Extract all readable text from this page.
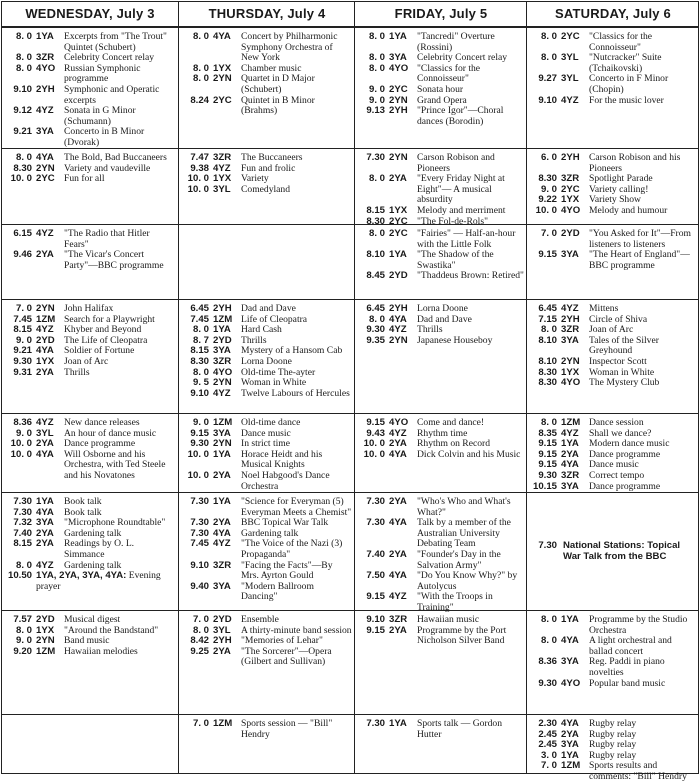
WEDNESDAY, July 3
8. 0 1YA	Excerpts from "The Trout" Quintet (Schubert)
8. 0 3ZR	Celebrity Concert relay
8. 0 4YO Russian Symphonic programme
9.10 2YH Symphonic and Operatic excerpts
9.12 4YZ	Sonata in G Minor (Schumann)
9.21 3YA	Concerto in B Minor (Dvorak)
8. 0 4YA	The Bold, Bad Buccaneers
8.30 2YN Variety and vaudeville
10. 0 2YC Fun for all
6.15 4YZ	"The Radio that Hitler Fears"
9.46 2YA	"The Vicar's Concert Party"—BBC programme
7. 0 2YN John Halifax
7.45 1ZM Search for a Playwright
8.15 4YZ	Khyber and Beyond
9. 0 2YD The Life of Cleopatra
9.21 4YA	Soldier of Fortune
9.30 1YX	Joan of Arc
9.31 2YA	Thrills
8.36 4YZ	New dance releases
9. 0 3YL	An hour of dance music
10. 0 2YA	Dance programme
10. 0 4YA	Will Osborne and his Orchestra, with Ted Steele and his Novatones
7.30 1YA	Book talk
7.30 4YA	Book talk
7.32 3YA	"Microphone Roundtable"
7.40 2YA	Gardening talk
8.15 2YA	Readings by O. L. Simmance
8. 0 4YZ	Gardening talk
10.50 1YA, 2YA, 3YA, 4YA: Evening prayer
7.57 2YD Musical digest
8. 0 1YX	"Around the Bandstand"
9. 0 2YN Band music
9.20 1ZM Hawaiian melodies
THURSDAY, July 4
8. 0 4YA	Concert by Philharmonic Symphony Orchestra of New York
8. 0 1YX	Chamber music
8. 0 2YN Quartet in D Major (Schubert)
8.24 2YC Quintet in B Minor (Brahms)
7.47 3ZR	The Buccaneers
9.38 4YZ	Fun and frolic
10. 0 1YX	Variety
10. 0 3YL	Comedyland
6.45 2YH Dad and Dave
7.45 1ZM Life of Cleopatra
8. 0 1YA	Hard Cash
8. 7 2YD Thrills
8.15 3YA	Mystery of a Hansom Cab
8.30 3ZR	Lorna Doone
8. 0 4YO Old-time The-ayter
9. 5 2YN Woman in White
9.10 4YZ	Twelve Labours of Hercules
9. 0 1ZM Old-time dance
9.15 3YA	Dance music
9.30 2YN In strict time
10. 0 1YA	Horace Heidt and his Musical Knights
10. 0 2YA	Noel Habgood's Dance Orchestra
7.30 1YA	"Science for Everyman (5) Everyman Meets a Chemist"
7.30 2YA	BBC Topical War Talk
7.30 4YA	Gardening talk
7.45 4YZ	"The Voice of the Nazi (3) Propaganda"
9.10 3ZR	"Facing the Facts"—By Mrs. Ayrton Gould
9.40 3YA	"Modern Ballroom Dancing"
7. 0 2YD Ensemble
8. 0 3YL	A thirty-minute band session
8.42 2YH "Memories of Lehar"
9.25 2YA	"The Sorcerer"—Opera (Gilbert and Sullivan)
7. 0 1ZM Sports session — "Bill" Hendry
FRIDAY, July 5
8. 0 1YA	"Tancredi" Overture (Rossini)
8. 0 3YA	Celebrity Concert relay
8. 0 4YO "Classics for the Connoisseur"
9. 0 2YC Sonata hour
9. 0 2YN Grand Opera
9.13 2YH "Prince Igor"—Choral dances (Borodin)
7.30 2YN Carson Robison and Pioneers
8. 0 2YA	"Every Friday Night at Eight"— A musical absurdity
8.15 1YX	Melody and merriment
8.30 2YC "The Fol-de-Rols"
8. 0 2YC "Fairies" — Half-an-hour with the Little Folk
8.10 1YA	"The Shadow of the Swastika"
8.45 2YD "Thaddeus Brown: Retired"
6.45 2YH Lorna Doone
8. 0 4YA	Dad and Dave
9.30 4YZ	Thrills
9.35 2YN Japanese Houseboy
9.15 4YO Come and dance!
9.43 4YZ	Rhythm time
10. 0 2YA	Rhythm on Record
10. 0 4YA	Dick Colvin and his Music
7.30 2YA	"Who's Who and What's What?"
7.30 4YA	Talk by a member of the Australian University Debating Team
7.40 2YA	"Founder's Day in the Salvation Army"
7.50 4YA	"Do You Know Why?" by Autolycus
9.15 4YZ	"With the Troops in Training"
9.10 3ZR	Hawaiian music
9.15 2YA	Programme by the Port Nicholson Silver Band
7.30 1YA	Sports talk — Gordon Hutter
SATURDAY, July 6
8. 0 2YC "Classics for the Connoisseur"
8. 0 3YL	"Nutcracker" Suite (Tchaikovski)
9.27 3YL	Concerto in F Minor (Chopin)
9.10 4YZ	For the music lover
6. 0 2YH Carson Robison and his Pioneers
8.30 3ZR	Spotlight Parade
9. 0 2YC Variety calling!
9.22 1YX	Variety Show
10. 0 4YO Melody and humour
7. 0 2YD "You Asked for It"—From listeners to listeners
9.15 3YA	"The Heart of England"—BBC programme
6.45 4YZ	Mittens
7.15 2YH Circle of Shiva
8. 0 3ZR	Joan of Arc
8.10 3YA	Tales of the Silver Greyhound
8.10 2YN Inspector Scott
8.30 1YX	Woman in White
8.30 4YO The Mystery Club
8. 0 1ZM Dance session
8.35 4YZ	Shall we dance?
9.15 1YA	Modern dance music
9.15 2YA	Dance programme
9.15 4YA	Dance music
9.30 3ZR	Correct tempo
10.15 3YA	Dance programme
7.30 National Stations: Topical War Talk from the BBC
8. 0 1YA	Programme by the Studio Orchestra
8. 0 4YA	A light orchestral and ballad concert
8.36 3YA	Reg. Paddi in piano novelties
9.30 4YO Popular band music
2.30 4YA	Rugby relay
2.45 2YA	Rugby relay
2.45 3YA	Rugby relay
3. 0 1YA	Rugby relay
7. 0 1ZM Sports results and comments: "Bill" Hendry
